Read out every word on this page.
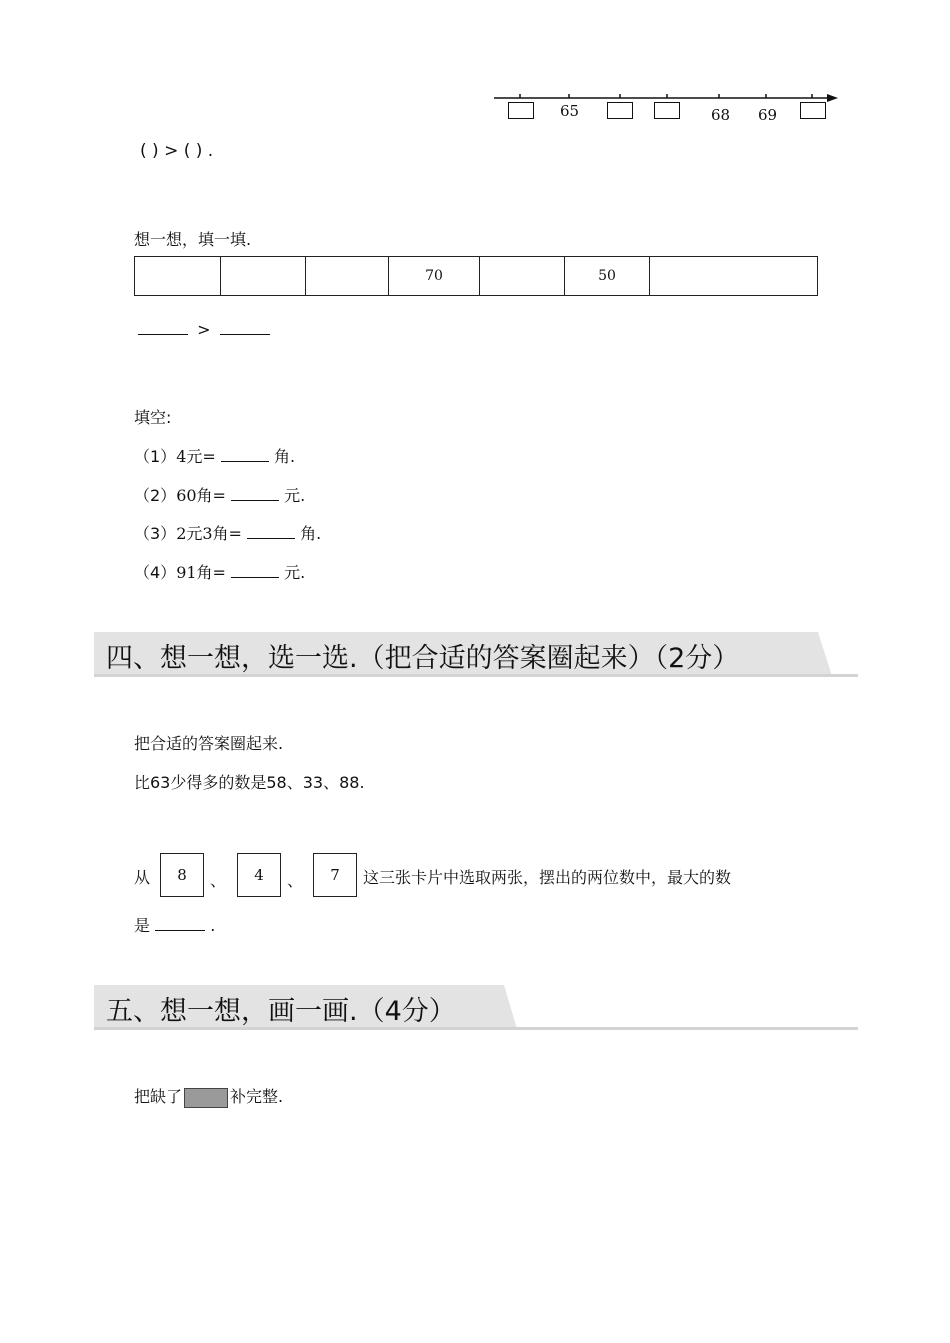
65	68 69
( ) > ( ) .
想一想，填一填.
			70		50	
>
填空:
（1）4元=	角.
（2）60角=	元.
（3）2元3角=	角.
（4）91角=	元.
四、想一想，选一选.（把合适的答案圈起来）（2分）
把合适的答案圈起来.
比63少得多的数是58、33、88.
从	8	、	4	、	7	这三张卡片中选取两张，摆出的两位数中，最大的数
是	.
五、想一想，画一画.（4分）
把缺了	补完整.
